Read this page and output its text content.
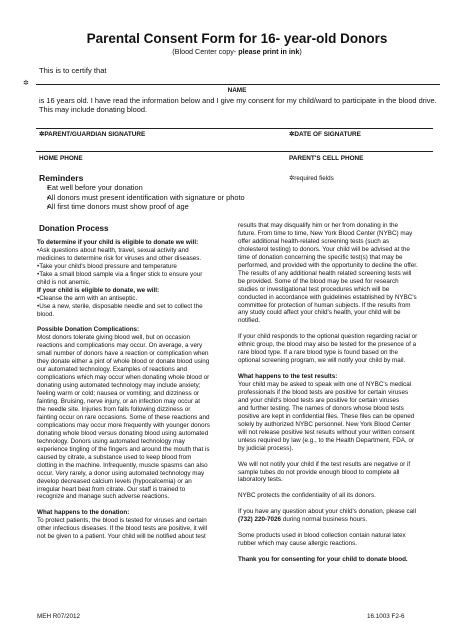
Parental Consent Form for 16- year-old Donors
(Blood Center copy- please print in ink)
This is to certify that
✲
NAME
is 16 years old. I have read the information below and I give my consent for my child/ward to participate in the blood drive. This may include donating blood.
✲PARENT/GUARDIAN SIGNATURE	✲DATE OF SIGNATURE
HOME PHONE	PARENT'S CELL PHONE
Reminders	✲required fields
• Eat well before your donation
• All donors must present identification with signature or photo
• All first time donors must show proof of age
Donation Process

To determine if your child is eligible to donate we will:

•Ask questions about health, travel, sexual activity and

medicines to determine risk for viruses and other diseases.

•Take your child's blood pressure and temperature

•Take a small blood sample via a finger stick to ensure your

child is not anemic.

If your child is eligible to donate, we will:

•Cleanse the arm with an antiseptic.

•Use a new, sterile, disposable needle and set to collect the

blood.

Possible Donation Complications:

Most donors tolerate giving blood well, but on occasion

reactions and complications may occur. On average, a very

small number of donors have a reaction or complication when

they donate either a pint of whole blood or donate blood using

our automated technology. Examples of reactions and

complications which may occur when donating whole blood or

donating using automated technology may include anxiety;

feeling warm or cold; nausea or vomiting; and dizziness or

fainting. Bruising, nerve injury, or an infection may occur at

the needle site. Injuries from falls following dizziness or

fainting occur on rare occasions. Some of these reactions and

complications may occur more frequently with younger donors

donating whole blood versus donating blood using automated

technology. Donors using automated technology may

experience tingling of the fingers and around the mouth that is

caused by citrate, a substance used to keep blood from

clotting in the machine. Infrequently, muscle spasms can also

occur. Very rarely, a donor using automated technology may

develop decreased calcium levels (hypocalcemia) or an

irregular heart beat from citrate. Our staff is trained to

recognize and manage such adverse reactions.

What happens to the donation:

To protect patients, the blood is tested for viruses and certain

other infectious diseases. If the blood tests are positive, it will

not be given to a patient. Your child will be notified about test

results that may disqualify him or her from donating in the

future. From time to time, New York Blood Center (NYBC) may

offer additional health-related screening tests (such as

cholesterol testing) to donors. Your child will be advised at the

time of donation concerning the specific test(s) that may be

performed, and provided with the opportunity to decline the offer.

The results of any additional health related screening tests will

be provided. Some of the blood may be used for research

studies or investigational test procedures which will be

conducted in accordance with guidelines established by NYBC's

committee for protection of human subjects. If the results from

any study could affect your child's health, your child will be

notified.

If your child responds to the optional question regarding racial or

ethnic group, the blood may also be tested for the presence of a

rare blood type. If a rare blood type is found based on the

optional screening program, we will notify your child by mail.

What happens to the test results:

Your child may be asked to speak with one of NYBC's medical

professionals if the blood tests are positive for certain viruses

and your child's blood tests are positive for certain viruses

and further testing. The names of donors whose blood tests

positive are kept in confidential files. These files can be opened

solely by authorized NYBC personnel. New York Blood Center

will not release positive test results without your written consent

unless required by law (e.g., to the Health Department, FDA, or

by judicial process).

We will not notify your child if the test results are negative or if

sample tubes do not provide enough blood to complete all

laboratory tests.

NYBC protects the confidentiality of all its donors.

If you have any question about your child's donation, please call

(732) 220-7026 during normal business hours.

Some products used in blood collection contain natural latex

rubber which may cause allergic reactions.

Thank you for consenting for your child to donate blood.

MEH R07/2012	16.1003 F2-6
